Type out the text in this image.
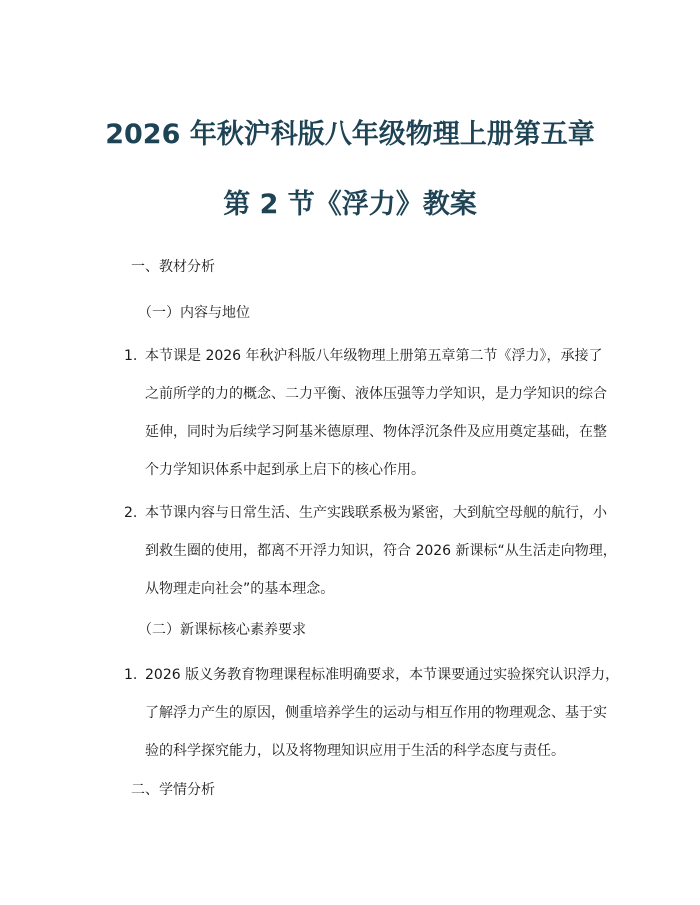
2026 年秋沪科版八年级物理上册第五章
第 2 节《浮力》教案

一、教材分析

（一）内容与地位

1. 本节课是 2026 年秋沪科版八年级物理上册第五章第二节《浮力》，承接了
之前所学的力的概念、二力平衡、液体压强等力学知识，是力学知识的综合
延伸，同时为后续学习阿基米德原理、物体浮沉条件及应用奠定基础，在整
个力学知识体系中起到承上启下的核心作用。
2. 本节课内容与日常生活、生产实践联系极为紧密，大到航空母舰的航行，小
到救生圈的使用，都离不开浮力知识，符合 2026 新课标“从生活走向物理，
从物理走向社会”的基本理念。

（二）新课标核心素养要求

1. 2026 版义务教育物理课程标准明确要求，本节课要通过实验探究认识浮力，
了解浮力产生的原因，侧重培养学生的运动与相互作用的物理观念、基于实
验的科学探究能力，以及将物理知识应用于生活的科学态度与责任。

二、学情分析
